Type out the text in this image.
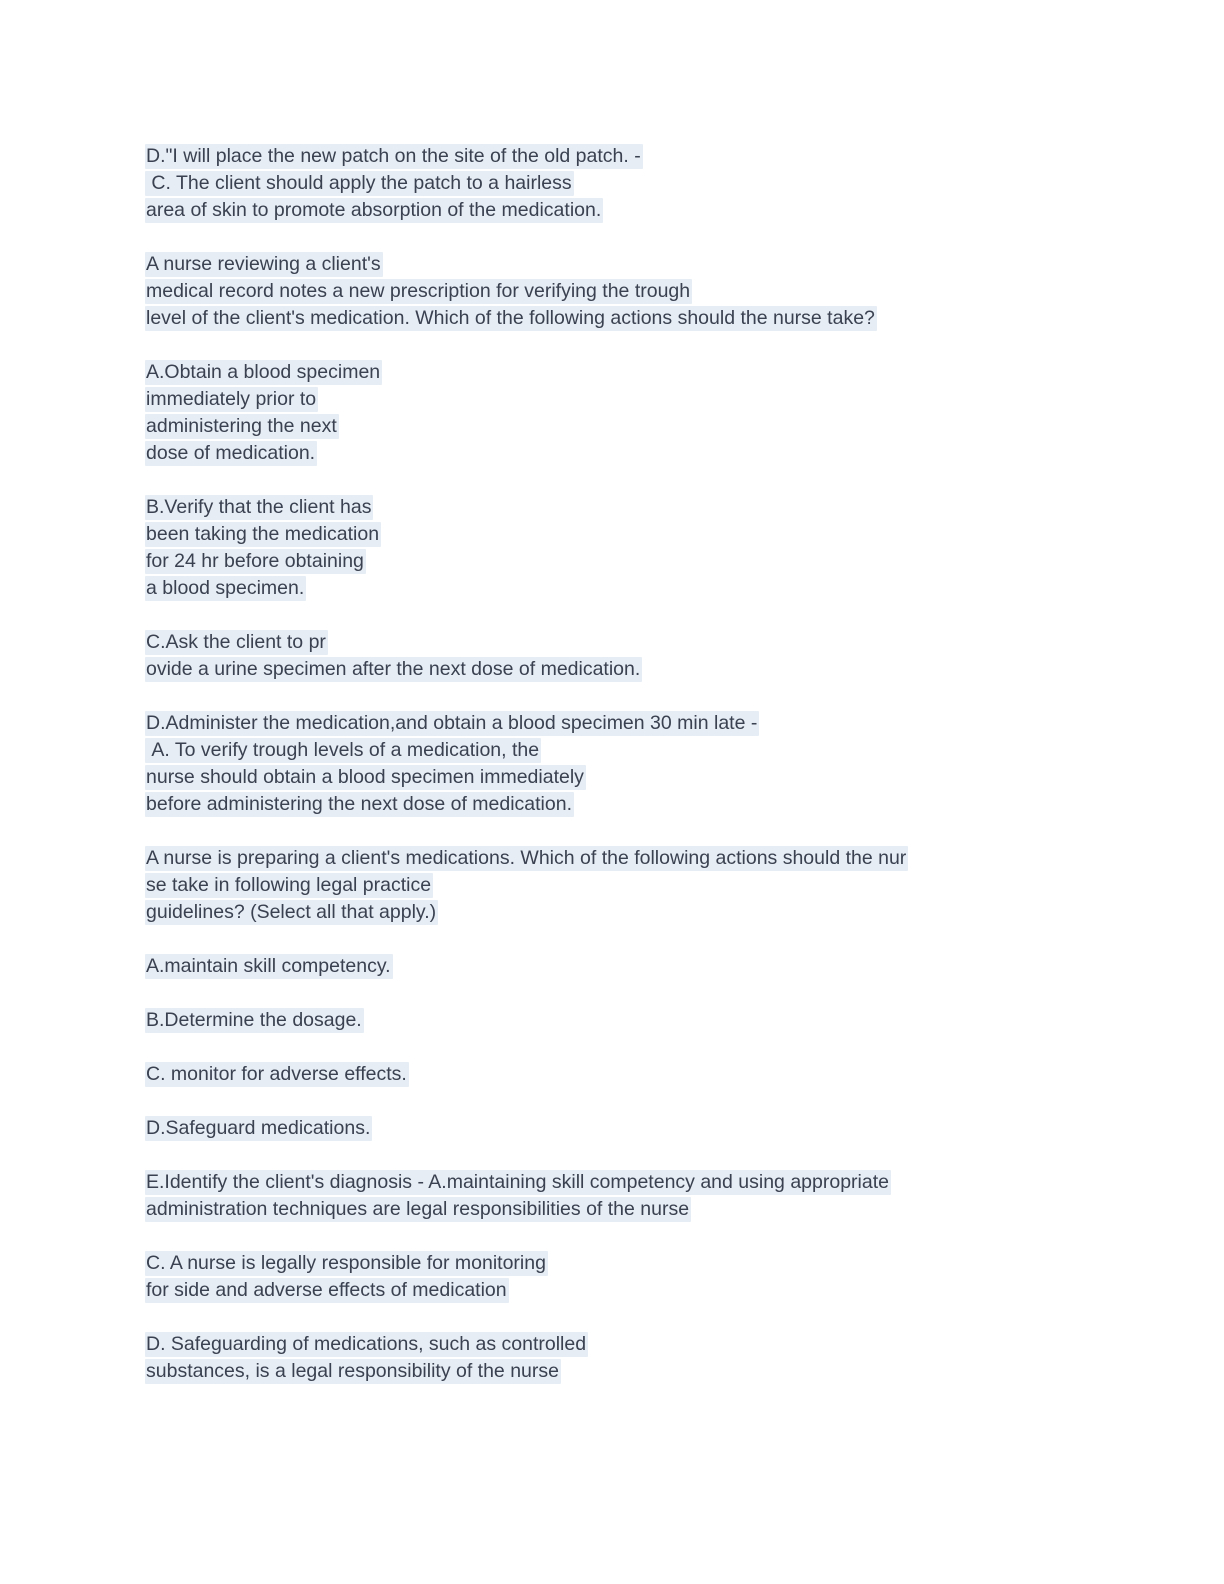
D."I will place the new patch on the site of the old patch. -
C. The client should apply the patch to a hairless
area of skin to promote absorption of the medication.
A nurse reviewing a client's
medical record notes a new prescription for verifying the trough
level of the client's medication. Which of the following actions should the nurse take?
A.Obtain a blood specimen
immediately prior to
administering the next
dose of medication.
B.Verify that the client has
been taking the medication
for 24 hr before obtaining
a blood specimen.
C.Ask the client to pr
ovide a urine specimen after the next dose of medication.
D.Administer the medication,and obtain a blood specimen 30 min late -
A. To verify trough levels of a medication, the
nurse should obtain a blood specimen immediately
before administering the next dose of medication.
A nurse is preparing a client's medications. Which of the following actions should the nur
se take in following legal practice
guidelines? (Select all that apply.)
A.maintain skill competency.
B.Determine the dosage.
C. monitor for adverse effects.
D.Safeguard medications.
E.Identify the client's diagnosis - A.maintaining skill competency and using appropriate
administration techniques are legal responsibilities of the nurse
C. A nurse is legally responsible for monitoring
for side and adverse effects of medication
D. Safeguarding of medications, such as controlled
substances, is a legal responsibility of the nurse
